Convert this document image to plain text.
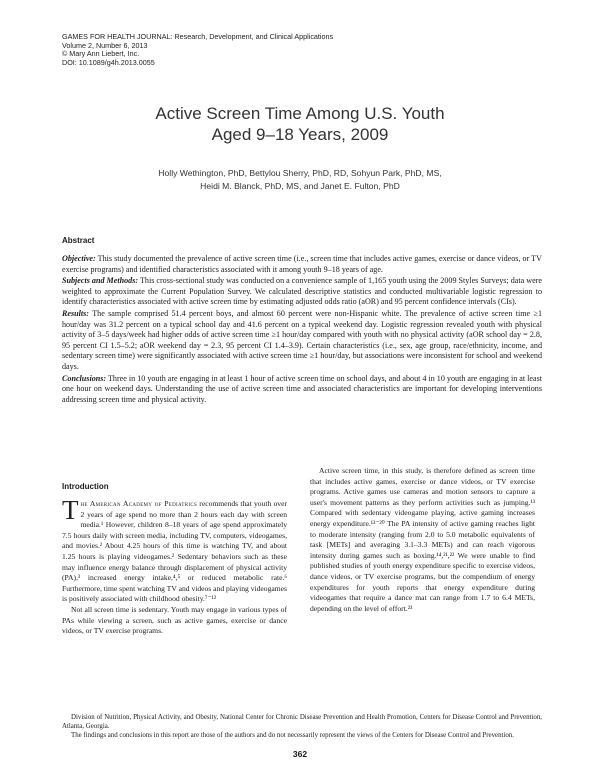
GAMES FOR HEALTH JOURNAL: Research, Development, and Clinical Applications
Volume 2, Number 6, 2013
© Mary Ann Liebert, Inc.
DOI: 10.1089/g4h.2013.0055
Active Screen Time Among U.S. Youth
Aged 9–18 Years, 2009
Holly Wethington, PhD, Bettylou Sherry, PhD, RD, Sohyun Park, PhD, MS,
Heidi M. Blanck, PhD, MS, and Janet E. Fulton, PhD
Abstract

Objective: This study documented the prevalence of active screen time (i.e., screen time that includes active games, exercise or dance videos, or TV exercise programs) and identified characteristics associated with it among youth 9–18 years of age.

Subjects and Methods: This cross-sectional study was conducted on a convenience sample of 1,165 youth using the 2009 Styles Surveys; data were weighted to approximate the Current Population Survey. We calculated descriptive statistics and conducted multivariable logistic regression to identify characteristics associated with active screen time by estimating adjusted odds ratio (aOR) and 95 percent confidence intervals (CIs).

Results: The sample comprised 51.4 percent boys, and almost 60 percent were non-Hispanic white. The prevalence of active screen time ≥1 hour/day was 31.2 percent on a typical school day and 41.6 percent on a typical weekend day. Logistic regression revealed youth with physical activity of 3–5 days/week had higher odds of active screen time ≥1 hour/day compared with youth with no physical activity (aOR school day = 2.8, 95 percent CI 1.5–5.2; aOR weekend day = 2.3, 95 percent CI 1.4–3.9). Certain characteristics (i.e., sex, age group, race/ethnicity, income, and sedentary screen time) were significantly associated with active screen time ≥1 hour/day, but associations were inconsistent for school and weekend days.

Conclusions: Three in 10 youth are engaging in at least 1 hour of active screen time on school days, and about 4 in 10 youth are engaging in at least one hour on weekend days. Understanding the use of active screen time and associated characteristics are important for developing interventions addressing screen time and physical activity.

Introduction

The American Academy of Pediatrics recommends that youth over 2 years of age spend no more than 2 hours each day with screen media.¹ However, children 8–18 years of age spend approximately 7.5 hours daily with screen media, including TV, computers, videogames, and movies.² About 4.25 hours of this time is watching TV, and about 1.25 hours is playing videogames.² Sedentary behaviors such as these may influence energy balance through displacement of physical activity (PA),³ increased energy intake,⁴,⁵ or reduced metabolic rate.⁶ Furthermore, time spent watching TV and videos and playing videogames is positively associated with childhood obesity.⁷⁻¹²

Not all screen time is sedentary. Youth may engage in various types of PAs while viewing a screen, such as active games, exercise or dance videos, or TV exercise programs.

Active screen time, in this study, is therefore defined as screen time that includes active games, exercise or dance videos, or TV exercise programs. Active games use cameras and motion sensors to capture a user's movement patterns as they perform activities such as jumping.¹³ Compared with sedentary videogame playing, active gaming increases energy expenditure.¹³⁻²⁰ The PA intensity of active gaming reaches light to moderate intensity (ranging from 2.0 to 5.0 metabolic equivalents of task [METs] and averaging 3.1–3.3 METs) and can reach vigorous intensity during games such as boxing.¹⁴,²¹,²² We were unable to find published studies of youth energy expenditure specific to exercise videos, dance videos, or TV exercise programs, but the compendium of energy expenditures for youth reports that energy expenditure during videogames that require a dance mat can range from 1.7 to 6.4 METs, depending on the level of effort.²³

Division of Nutrition, Physical Activity, and Obesity, National Center for Chronic Disease Prevention and Health Promotion, Centers for Disease Control and Prevention, Atlanta, Georgia.

The findings and conclusions in this report are those of the authors and do not necessarily represent the views of the Centers for Disease Control and Prevention.

362
